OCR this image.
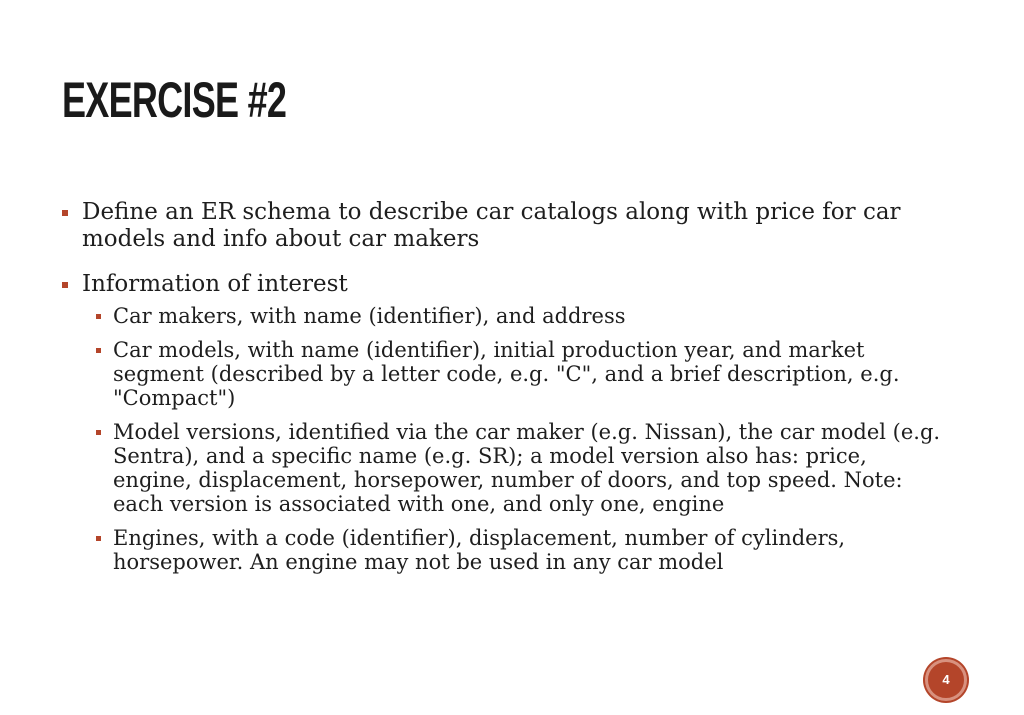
EXERCISE #2
Define an ER schema to describe car catalogs along with price for car models and info about car makers
Information of interest
Car makers, with name (identifier), and address
Car models, with name (identifier), initial production year, and market segment (described by a letter code, e.g. "C", and a brief description, e.g. "Compact")
Model versions, identified via the car maker (e.g. Nissan), the car model (e.g. Sentra), and a specific name (e.g. SR); a model version also has: price, engine, displacement, horsepower, number of doors, and top speed. Note: each version is associated with one, and only one, engine
Engines, with a code (identifier), displacement, number of cylinders, horsepower. An engine may not be used in any car model
4
